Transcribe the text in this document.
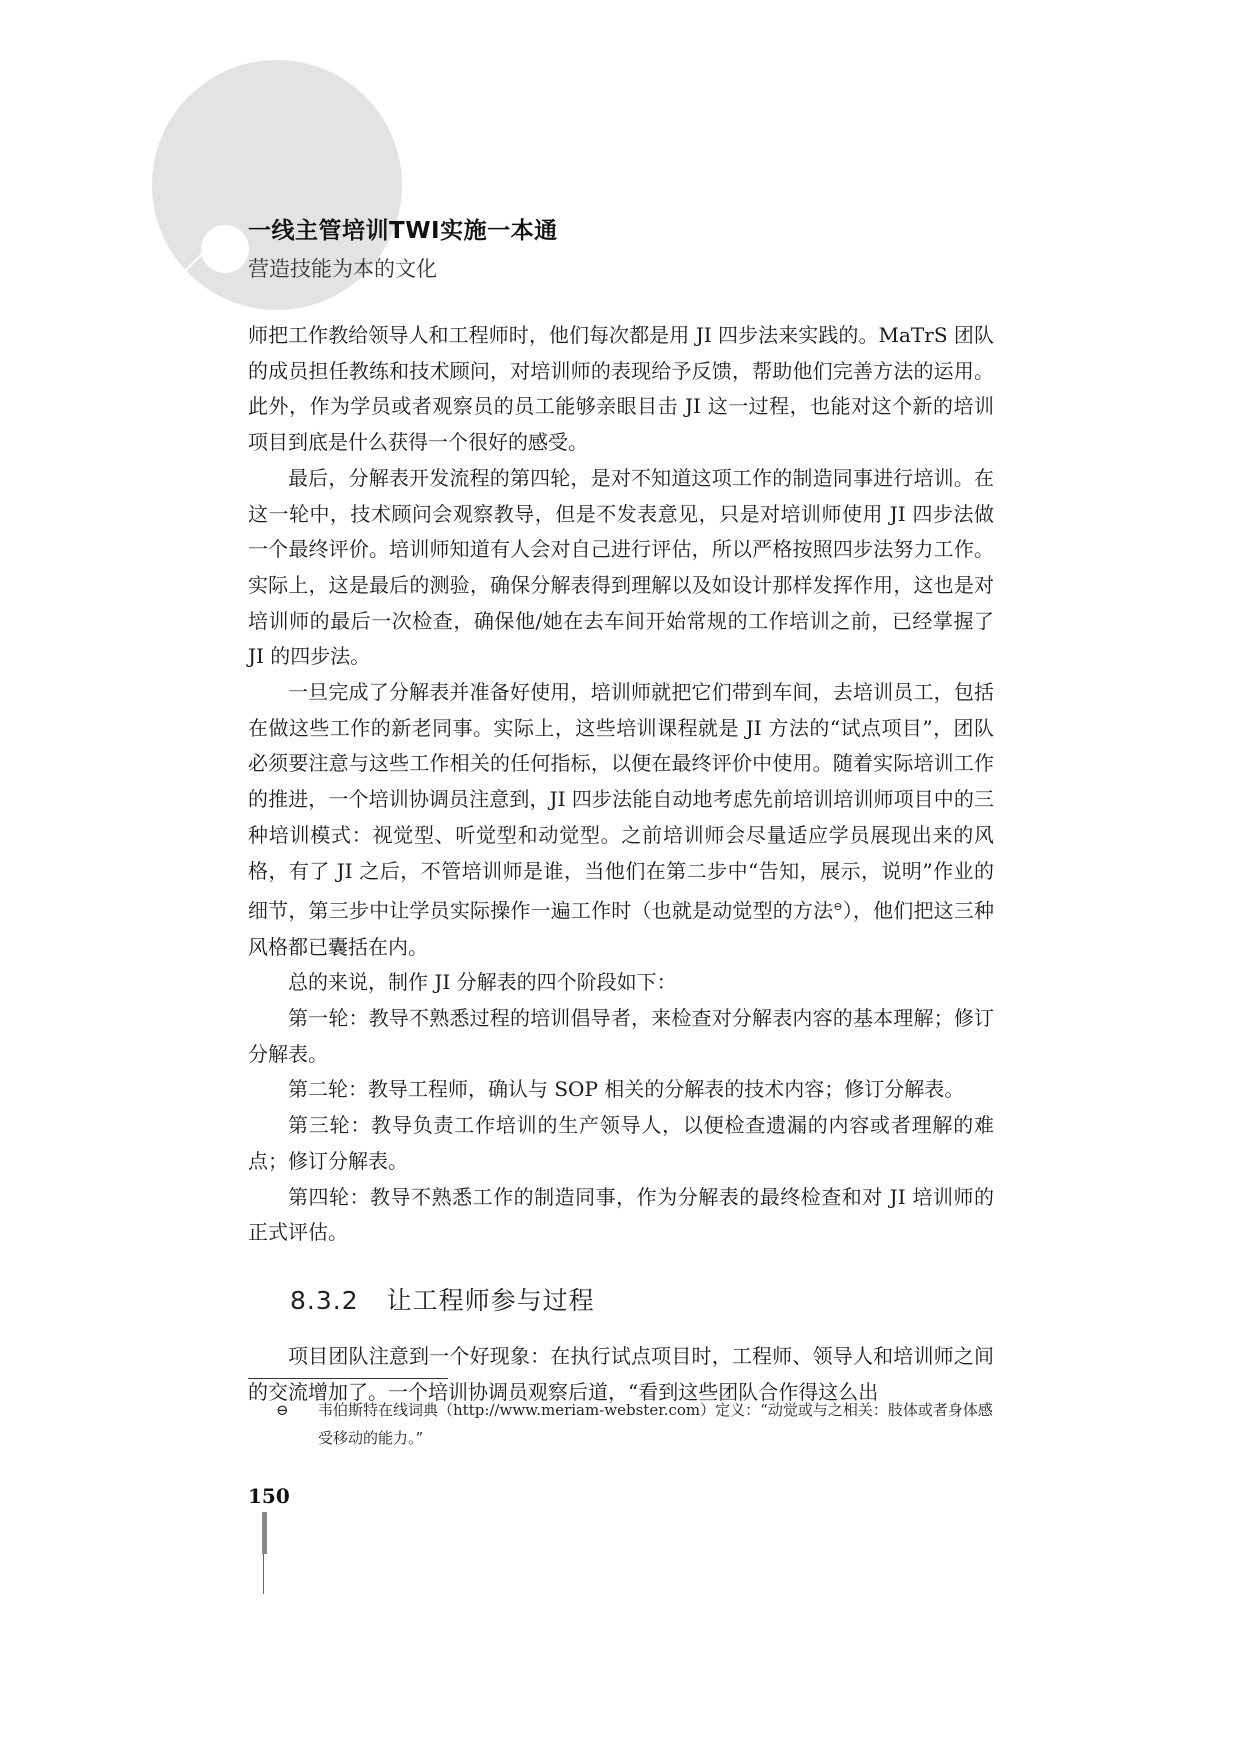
一线主管培训TWI实施一本通
营造技能为本的文化

师把工作教给领导人和工程师时，他们每次都是用 JI 四步法来实践的。MaTrS 团队的成员担任教练和技术顾问，对培训师的表现给予反馈，帮助他们完善方法的运用。此外，作为学员或者观察员的员工能够亲眼目击 JI 这一过程，也能对这个新的培训项目到底是什么获得一个很好的感受。

最后，分解表开发流程的第四轮，是对不知道这项工作的制造同事进行培训。在这一轮中，技术顾问会观察教导，但是不发表意见，只是对培训师使用 JI 四步法做一个最终评价。培训师知道有人会对自己进行评估，所以严格按照四步法努力工作。实际上，这是最后的测验，确保分解表得到理解以及如设计那样发挥作用，这也是对培训师的最后一次检查，确保他/她在去车间开始常规的工作培训之前，已经掌握了 JI 的四步法。

一旦完成了分解表并准备好使用，培训师就把它们带到车间，去培训员工，包括在做这些工作的新老同事。实际上，这些培训课程就是 JI 方法的“试点项目”，团队必须要注意与这些工作相关的任何指标，以便在最终评价中使用。随着实际培训工作的推进，一个培训协调员注意到，JI 四步法能自动地考虑先前培训培训师项目中的三种培训模式：视觉型、听觉型和动觉型。之前培训师会尽量适应学员展现出来的风格，有了 JI 之后，不管培训师是谁，当他们在第二步中“告知，展示，说明”作业的细节，第三步中让学员实际操作一遍工作时（也就是动觉型的方法⊖），他们把这三种风格都已囊括在内。

总的来说，制作 JI 分解表的四个阶段如下：

第一轮：教导不熟悉过程的培训倡导者，来检查对分解表内容的基本理解；修订分解表。

第二轮：教导工程师，确认与 SOP 相关的分解表的技术内容；修订分解表。

第三轮：教导负责工作培训的生产领导人，以便检查遗漏的内容或者理解的难点；修订分解表。

第四轮：教导不熟悉工作的制造同事，作为分解表的最终检查和对 JI 培训师的正式评估。

8.3.2 让工程师参与过程

项目团队注意到一个好现象：在执行试点项目时，工程师、领导人和培训师之间的交流增加了。一个培训协调员观察后道，“看到这些团队合作得这么出

⊖	韦伯斯特在线词典（http://www.meriam-webster.com）定义：“动觉或与之相关：肢体或者身体感受移动的能力。”
150
